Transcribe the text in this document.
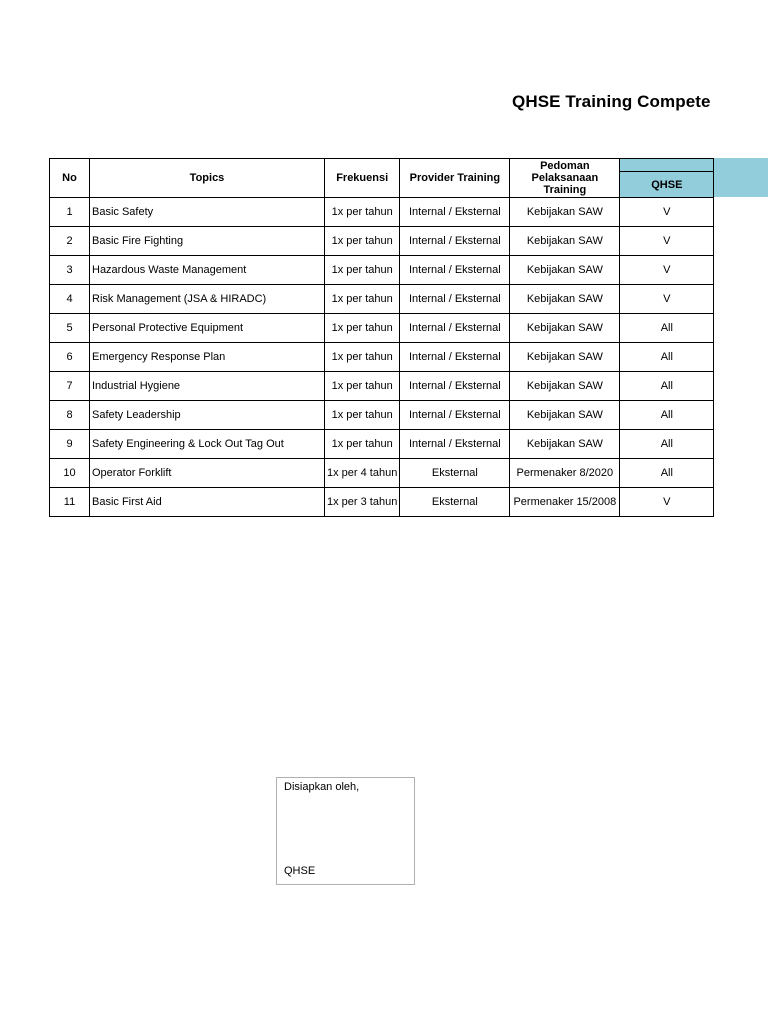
QHSE Training Compete
No	Topics	Frekuensi	Provider Training	Pedoman Pelaksanaan Training	
					QHSE
1	Basic Safety	1x per tahun	Internal / Eksternal	Kebijakan SAW	V
2	Basic Fire Fighting	1x per tahun	Internal / Eksternal	Kebijakan SAW	V
3	Hazardous Waste Management	1x per tahun	Internal / Eksternal	Kebijakan SAW	V
4	Risk Management (JSA & HIRADC)	1x per tahun	Internal / Eksternal	Kebijakan SAW	V
5	Personal Protective Equipment	1x per tahun	Internal / Eksternal	Kebijakan SAW	All
6	Emergency Response Plan	1x per tahun	Internal / Eksternal	Kebijakan SAW	All
7	Industrial Hygiene	1x per tahun	Internal / Eksternal	Kebijakan SAW	All
8	Safety Leadership	1x per tahun	Internal / Eksternal	Kebijakan SAW	All
9	Safety Engineering & Lock Out Tag Out	1x per tahun	Internal / Eksternal	Kebijakan SAW	All
10	Operator Forklift	1x per 4 tahun	Eksternal	Permenaker 8/2020	All
11	Basic First Aid	1x per 3 tahun	Eksternal	Permenaker 15/2008	V
Disiapkan oleh,
QHSE
